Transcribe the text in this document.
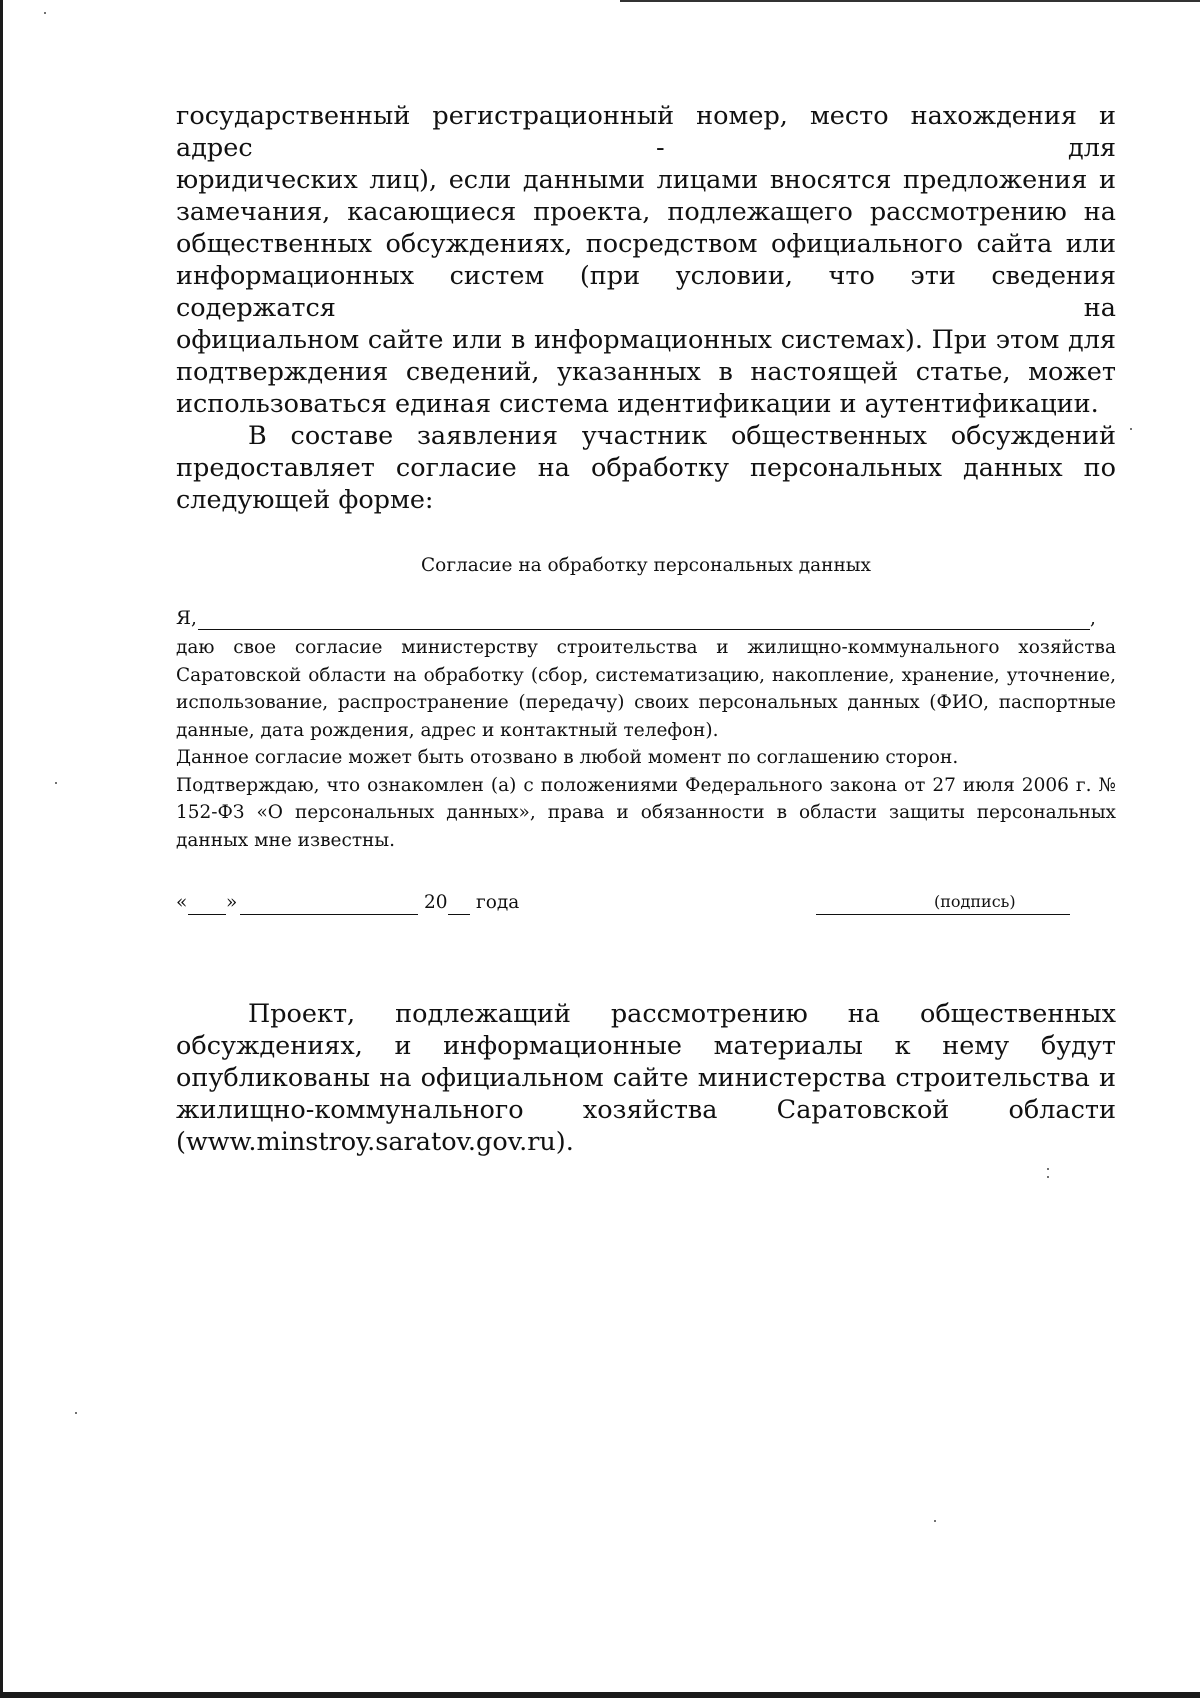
государственный регистрационный номер, место нахождения и адрес - для
юридических лиц), если данными лицами вносятся предложения и
замечания, касающиеся проекта, подлежащего рассмотрению на
общественных обсуждениях, посредством официального сайта или
информационных систем (при условии, что эти сведения содержатся на
официальном сайте или в информационных системах). При этом для
подтверждения сведений, указанных в настоящей статье, может
использоваться единая система идентификации и аутентификации.

В составе заявления участник общественных обсуждений предоставляет согласие на обработку персональных данных по следующей форме:

Согласие на обработку персональных данных

Я,	,

даю свое согласие министерству строительства и жилищно-коммунального хозяйства Саратовской области на обработку (сбор, систематизацию, накопление, хранение, уточнение, использование, распространение (передачу) своих персональных данных (ФИО, паспортные данные, дата рождения, адрес и контактный телефон).

Данное согласие может быть отозвано в любой момент по соглашению сторон.

Подтверждаю, что ознакомлен (а) с положениями Федерального закона от 27 июля 2006 г. № 152-ФЗ «О персональных данных», права и обязанности в области защиты персональных данных мне известны.

« »	20 года	(подпись)

Проект, подлежащий рассмотрению на общественных обсуждениях, и информационные материалы к нему будут опубликованы на официальном сайте министерства строительства и жилищно-коммунального хозяйства Саратовской области (www.minstroy.saratov.gov.ru).
